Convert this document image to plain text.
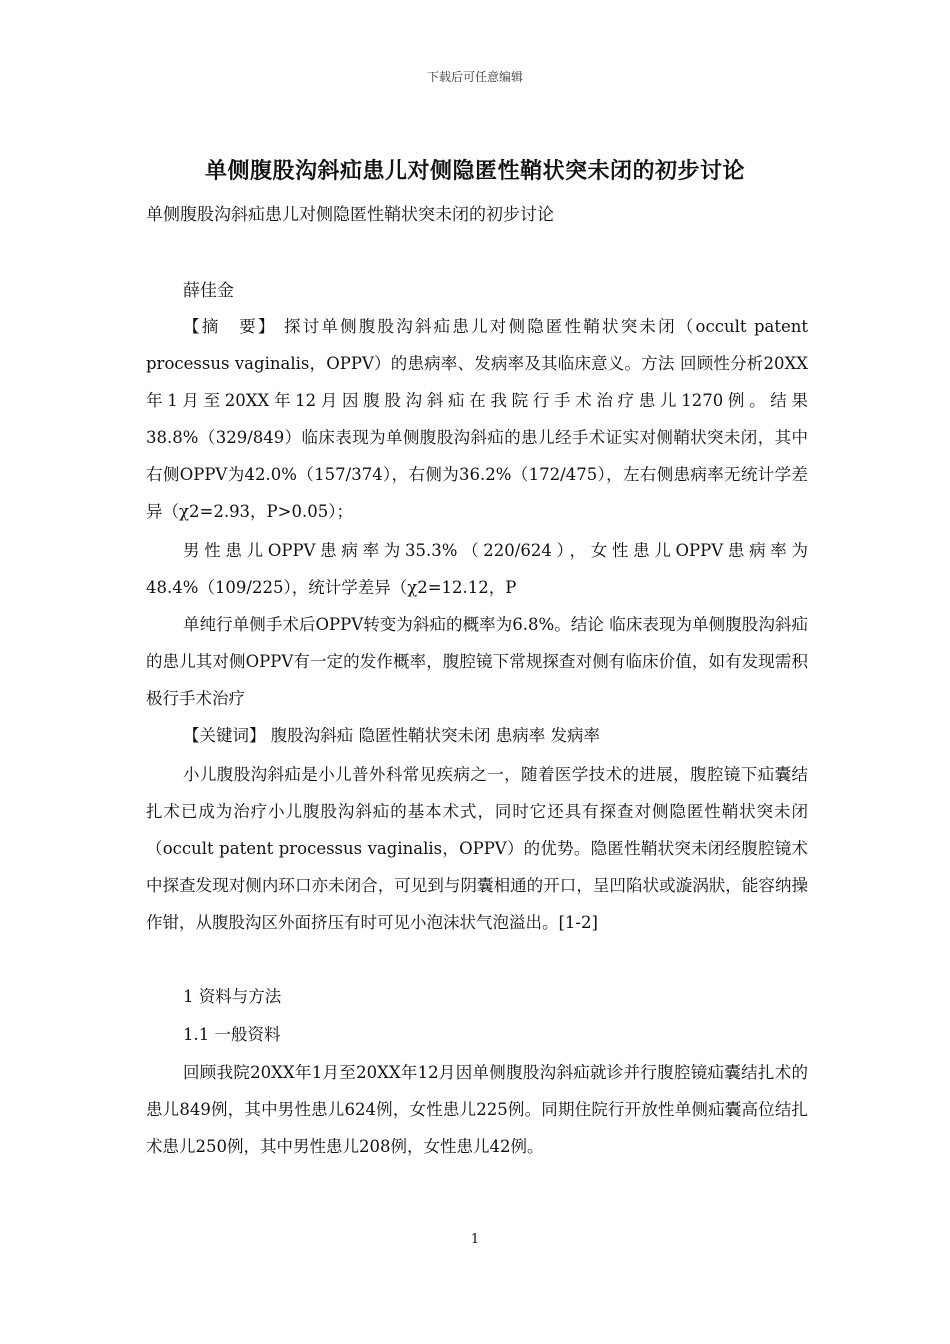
下载后可任意编辑
单侧腹股沟斜疝患儿对侧隐匿性鞘状突未闭的初步讨论
单侧腹股沟斜疝患儿对侧隐匿性鞘状突未闭的初步讨论
薛佳金
【摘　要】 探讨单侧腹股沟斜疝患儿对侧隐匿性鞘状突未闭（occult patent processus vaginalis，OPPV）的患病率、发病率及其临床意义。方法 回顾性分析20XX年1月至20XX年12月因腹股沟斜疝在我院行手术治疗患儿1270例。结果 38.8%（329/849）临床表现为单侧腹股沟斜疝的患儿经手术证实对侧鞘状突未闭，其中右侧OPPV为42.0%（157/374），右侧为36.2%（172/475），左右侧患病率无统计学差异（χ2=2.93，P>0.05）；
男性患儿OPPV患病率为35.3%（220/624），女性患儿OPPV患病率为48.4%（109/225），统计学差异（χ2=12.12，P
单纯行单侧手术后OPPV转变为斜疝的概率为6.8%。结论 临床表现为单侧腹股沟斜疝的患儿其对侧OPPV有一定的发作概率，腹腔镜下常规探查对侧有临床价值，如有发现需积极行手术治疗
【关键词】 腹股沟斜疝 隐匿性鞘状突未闭 患病率 发病率
小儿腹股沟斜疝是小儿普外科常见疾病之一，随着医学技术的进展，腹腔镜下疝囊结扎术已成为治疗小儿腹股沟斜疝的基本术式，同时它还具有探查对侧隐匿性鞘状突未闭（occult patent processus vaginalis，OPPV）的优势。隐匿性鞘状突未闭经腹腔镜术中探查发现对侧内环口亦未闭合，可见到与阴囊相通的开口，呈凹陷状或漩涡狀，能容纳操作钳，从腹股沟区外面挤压有时可见小泡沫状气泡溢出。[1-2]
1 资料与方法
1.1 一般资料
回顾我院20XX年1月至20XX年12月因单侧腹股沟斜疝就诊并行腹腔镜疝囊结扎术的患儿849例，其中男性患儿624例，女性患儿225例。同期住院行开放性单侧疝囊高位结扎术患儿250例，其中男性患儿208例，女性患儿42例。
1
